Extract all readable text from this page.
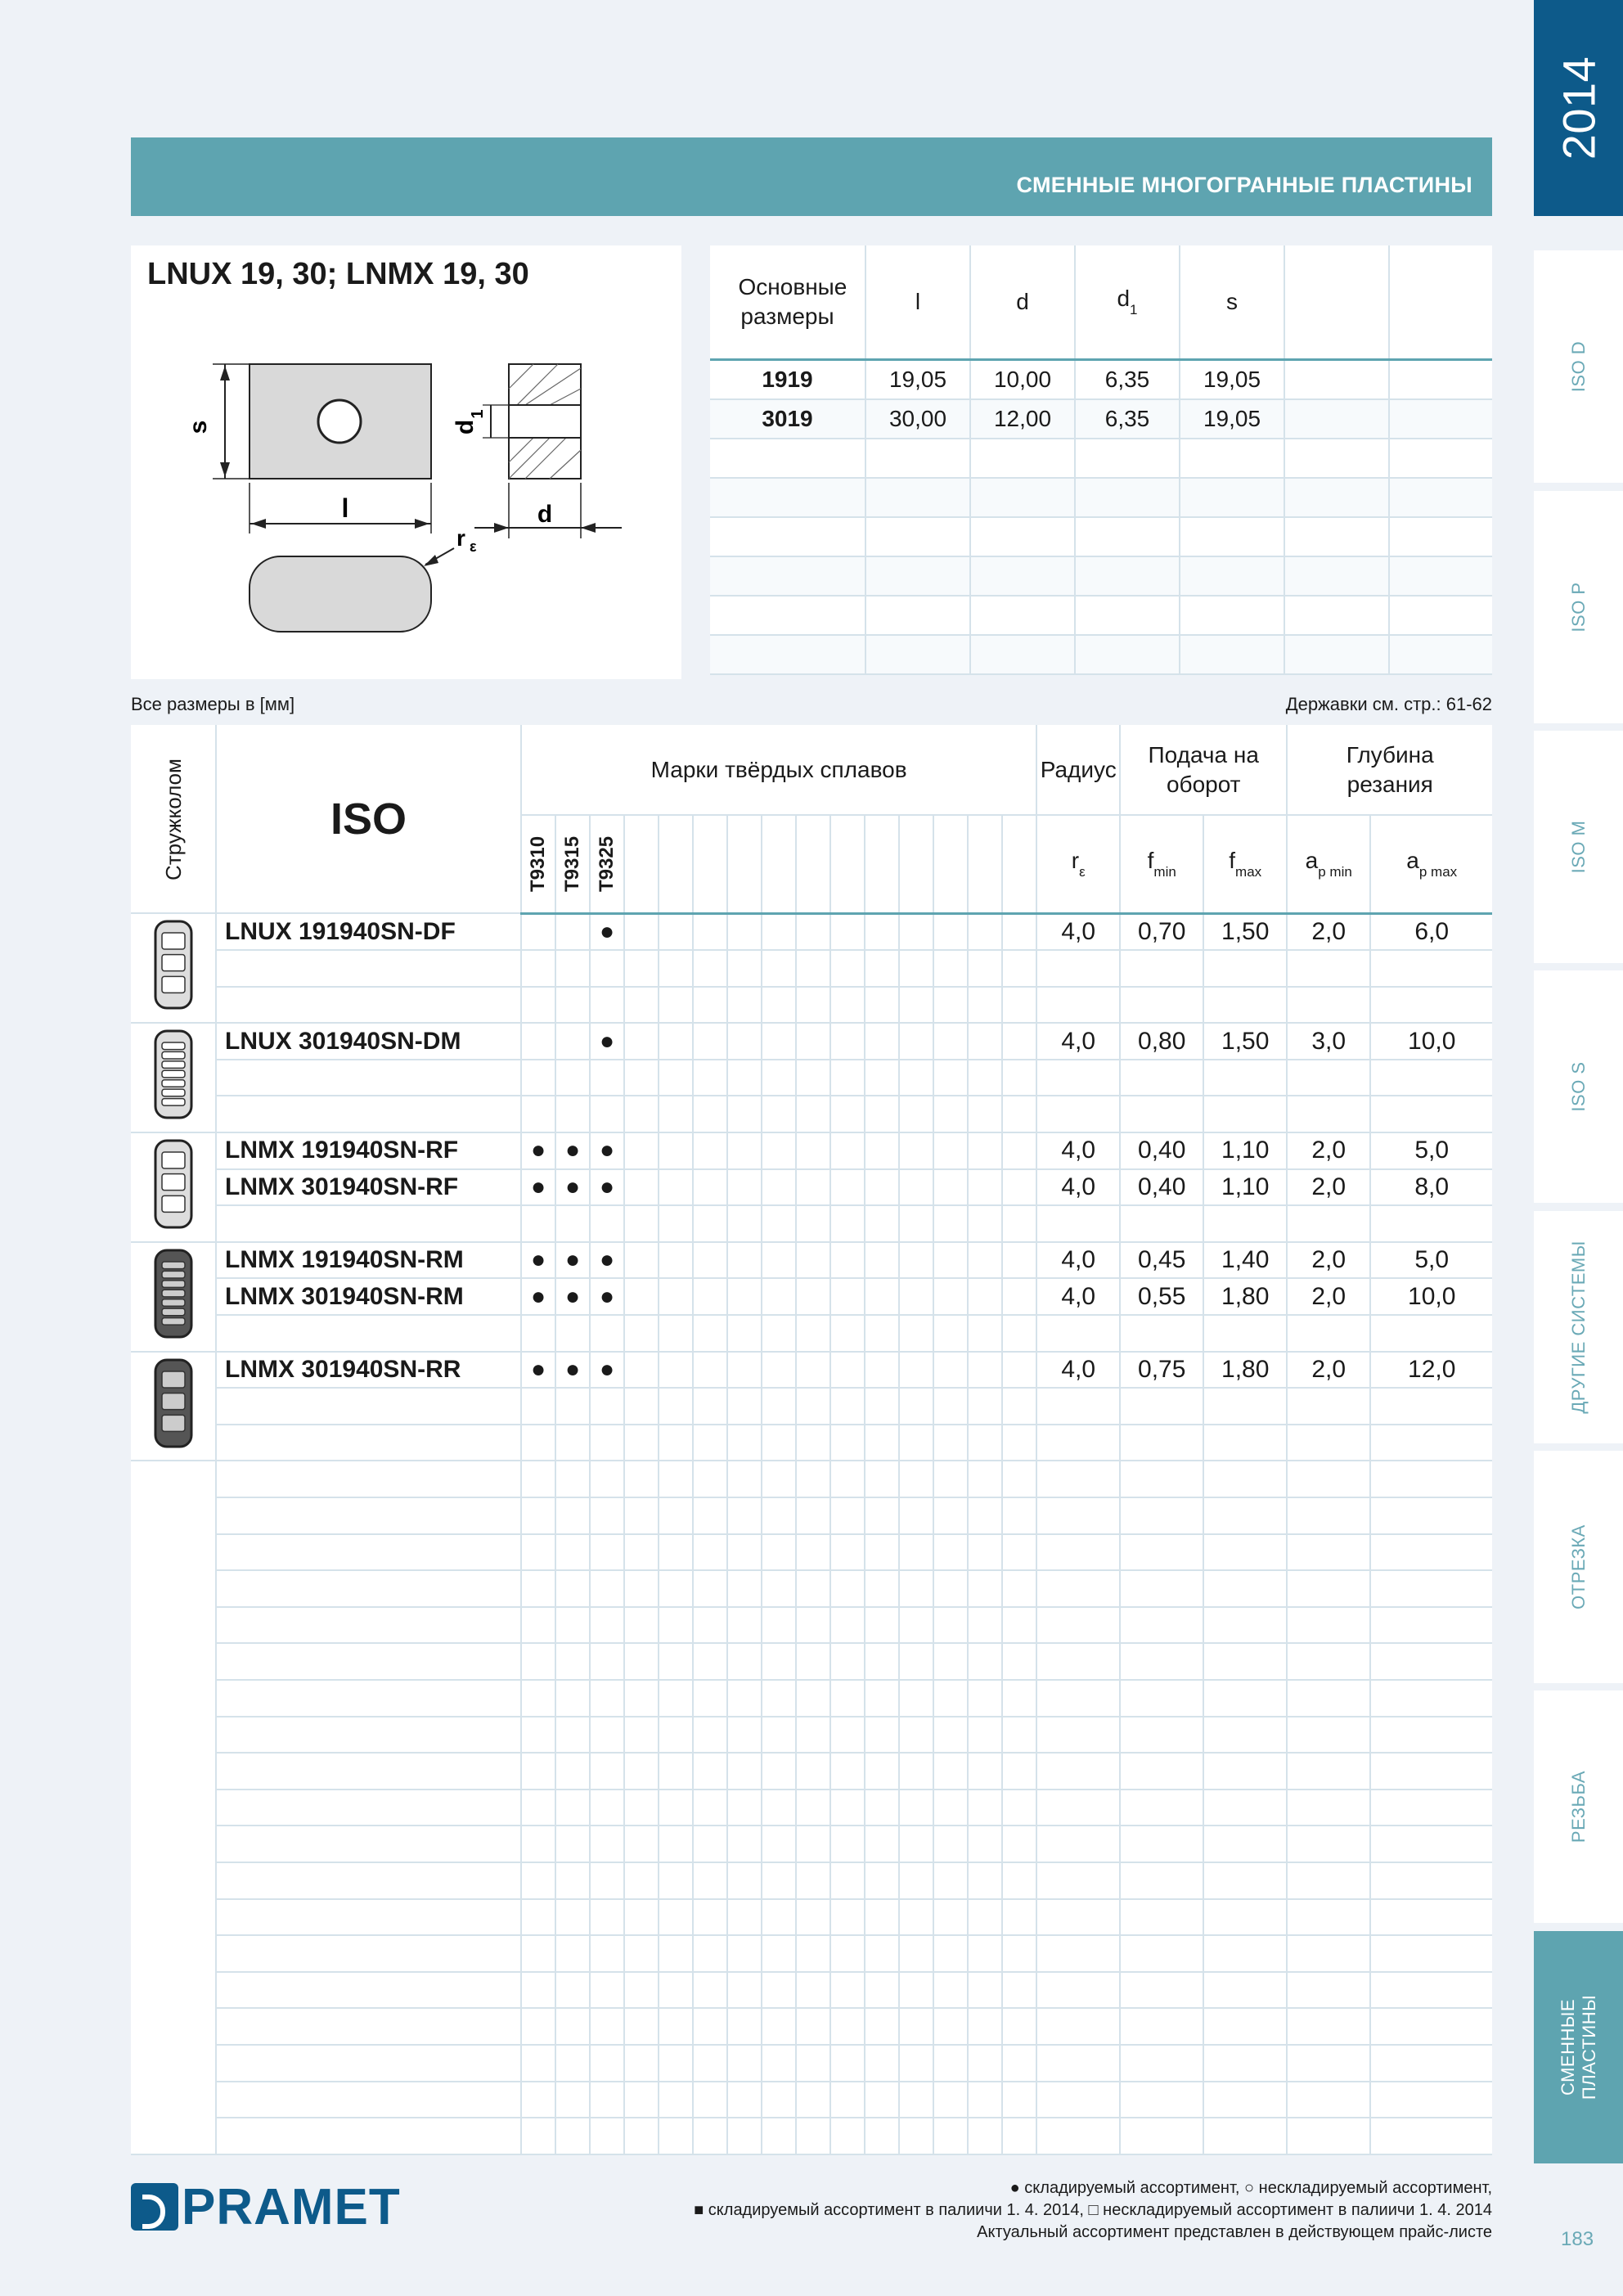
2014
ISO D
ISO P
ISO M
ISO S
ДРУГИЕ СИСТЕМЫ
ОТРЕЗКА
РЕЗЬБА
СМЕННЫЕ
ПЛАСТИНЫ
СМЕННЫЕ МНОГОГРАННЫЕ ПЛАСТИНЫ
LNUX 19, 30; LNMX 19, 30
s
l
d
1
d
r ε
Основные размеры	l	d	$d_1$	s		
1919	19,05	10,00	6,35	19,05		
3019	30,00	12,00	6,35	19,05		

Все размеры в [мм]	Державки см. стр.: 61-62
Стружколом	ISO	Марки твёрдых сплавов															Радиус	Подача на оборот		Глубина резания	
		T9310	T9315	T9325													$r_\varepsilon$	$f_{min}$	$f_{max}$	$a_{p min}$	$a_{p max}$
	LNUX 191940SN-DF			●													4,0	0,70	1,50	2,0	6,0

	LNUX 301940SN-DM			●													4,0	0,80	1,50	3,0	10,0

	LNMX 191940SN-RF	●	●	●													4,0	0,40	1,10	2,0	5,0
	LNMX 301940SN-RF	●	●	●													4,0	0,40	1,10	2,0	8,0

	LNMX 191940SN-RM	●	●	●													4,0	0,45	1,40	2,0	5,0
	LNMX 301940SN-RM	●	●	●													4,0	0,55	1,80	2,0	10,0

	LNMX 301940SN-RR	●	●	●													4,0	0,75	1,80	2,0	12,0

● складируемый ассортимент, ○ нескладируемый ассортимент,
■ складируемый ассортимент в палиичи 1. 4. 2014, □ нескладируемый ассортимент в палиичи 1. 4. 2014
Актуальный ассортимент представлен в действующем прайс-листе
PRAMET
183
